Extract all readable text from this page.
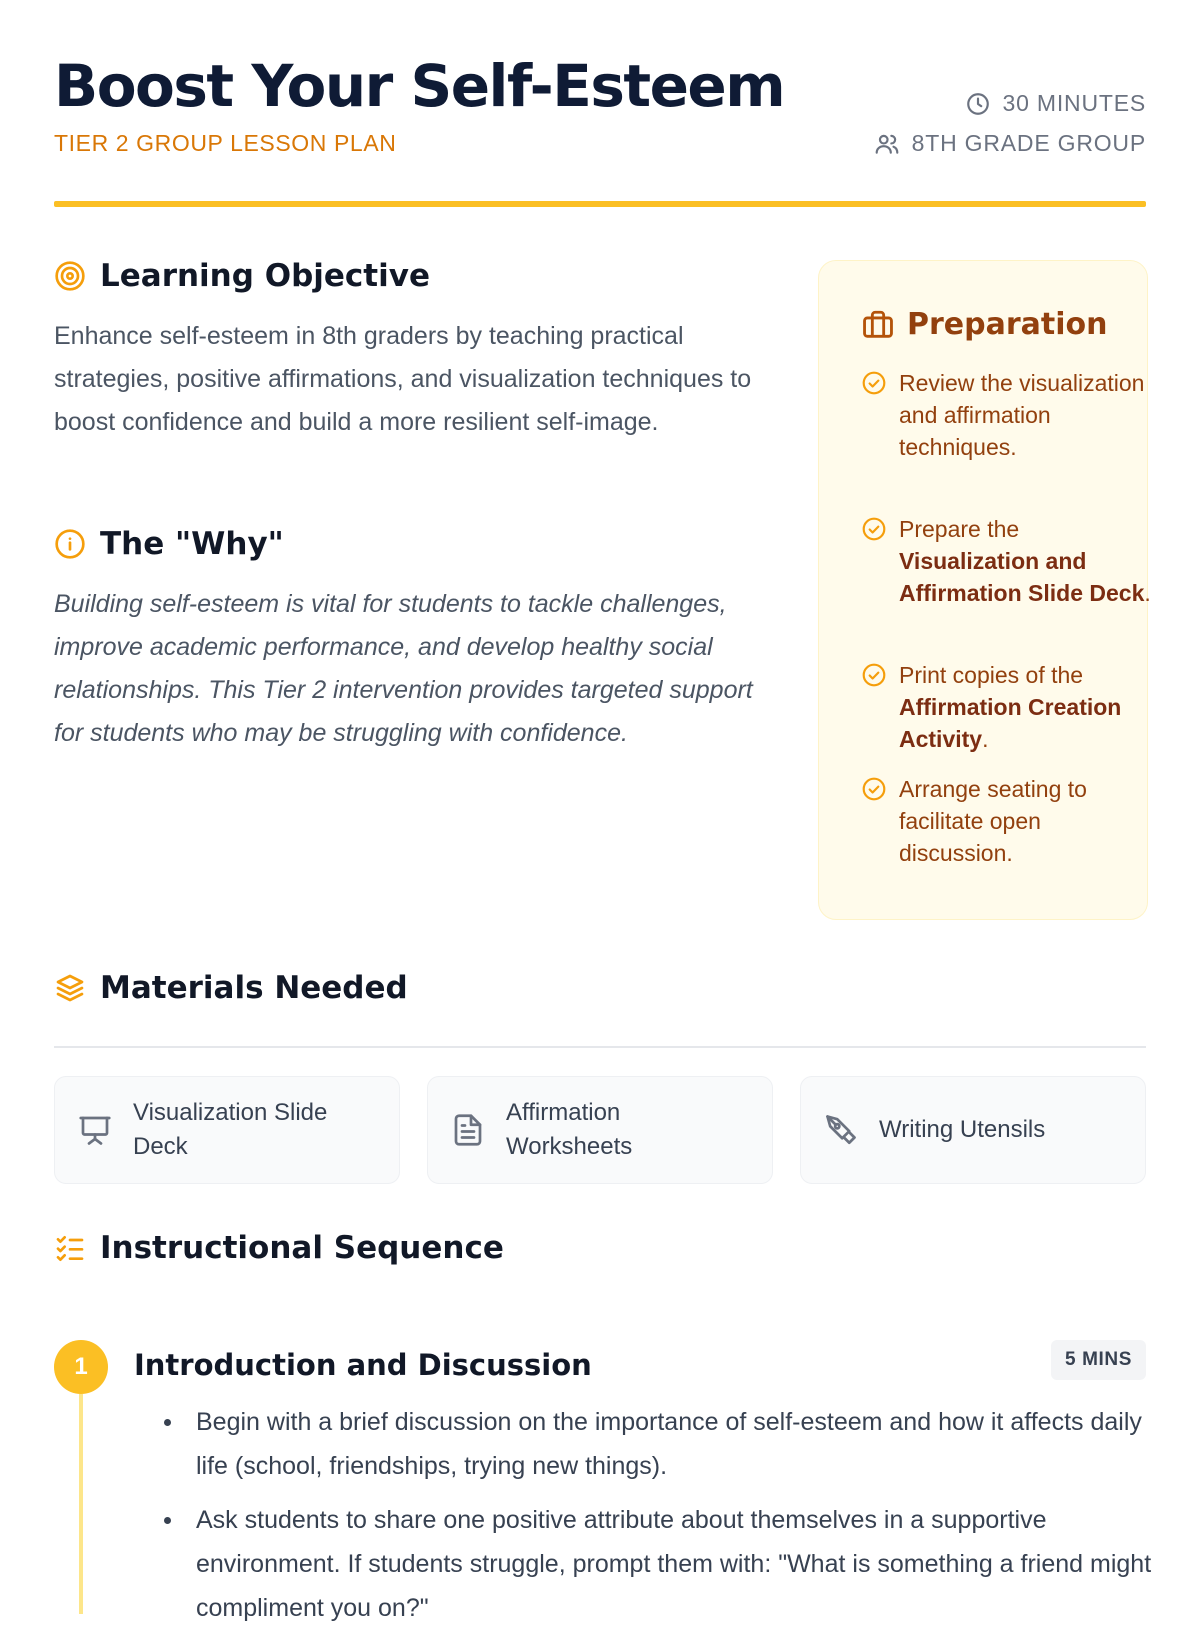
Boost Your Self-Esteem
TIER 2 GROUP LESSON PLAN
30 MINUTES
8TH GRADE GROUP
Learning Objective

Enhance self-esteem in 8th graders by teaching practical strategies, positive affirmations, and visualization techniques to boost confidence and build a more resilient self-image.

The "Why"

Building self-esteem is vital for students to tackle challenges, improve academic performance, and develop healthy social relationships. This Tier 2 intervention provides targeted support for students who may be struggling with confidence.

Preparation
Review the visualization and affirmation techniques.
Prepare the Visualization and Affirmation Slide Deck.
Print copies of the Affirmation Creation Activity.
Arrange seating to facilitate open discussion.
Materials Needed
Visualization Slide Deck
Affirmation Worksheets
Writing Utensils
Instructional Sequence
1	Introduction and Discussion	5 MINS
Begin with a brief discussion on the importance of self-esteem and how it affects daily life (school, friendships, trying new things).
Ask students to share one positive attribute about themselves in a supportive environment. If students struggle, prompt them with: "What is something a friend might compliment you on?"
